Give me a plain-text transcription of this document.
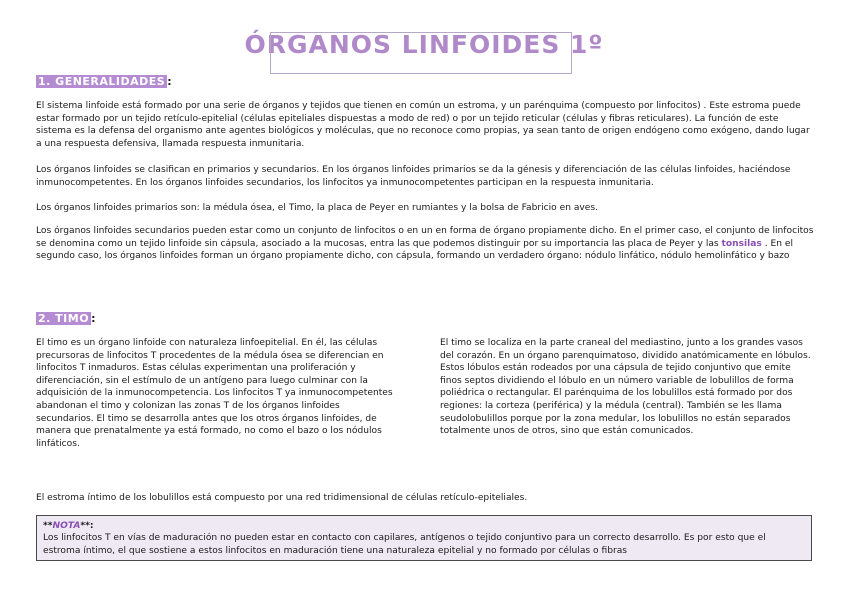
ÓRGANOS LINFOIDES 1º
1. GENERALIDADES :

El sistema linfoide está formado por una serie de órganos y tejidos que tienen en común un estroma, y un parénquima (compuesto por linfocitos) . Este estroma puede estar formado por un tejido retículo-epitelial (células epiteliales dispuestas a modo de red) o por un tejido reticular (células y fibras reticulares). La función de este sistema es la defensa del organismo ante agentes biológicos y moléculas, que no reconoce como propias, ya sean tanto de origen endógeno como exógeno, dando lugar a una respuesta defensiva, llamada respuesta inmunitaria.

Los órganos linfoides se clasifican en primarios y secundarios. En los órganos linfoides primarios se da la génesis y diferenciación de las células linfoides, haciéndose inmunocompetentes. En los órganos linfoides secundarios, los linfocitos ya inmunocompetentes participan en la respuesta inmunitaria.

Los órganos linfoides primarios son: la médula ósea, el Timo, la placa de Peyer en rumiantes y la bolsa de Fabricio en aves.

Los órganos linfoides secundarios pueden estar como un conjunto de linfocitos o en un en forma de órgano propiamente dicho. En el primer caso, el conjunto de linfocitos se denomina como un tejido linfoide sin cápsula, asociado a la mucosas, entra las que podemos distinguir por su importancia las placa de Peyer y las tonsilas . En el segundo caso, los órganos linfoides forman un órgano propiamente dicho, con cápsula, formando un verdadero órgano: nódulo linfático, nódulo hemolinfático y bazo

2. TIMO :

El timo es un órgano linfoide con naturaleza linfoepitelial. En él, las células precursoras de linfocitos T procedentes de la médula ósea se diferencian en linfocitos T inmaduros. Estas células experimentan una proliferación y diferenciación, sin el estímulo de un antígeno para luego culminar con la adquisición de la inmunocompetencia. Los linfocitos T ya inmunocompetentes abandonan el timo y colonizan las zonas T de los órganos linfoides secundarios. El timo se desarrolla antes que los otros órganos linfoides, de manera que prenatalmente ya está formado, no como el bazo o los nódulos linfáticos.

El timo se localiza en la parte craneal del mediastino, junto a los grandes vasos del corazón. En un órgano parenquimatoso, dividido anatómicamente en lóbulos. Estos lóbulos están rodeados por una cápsula de tejido conjuntivo que emite finos septos dividiendo el lóbulo en un número variable de lobulillos de forma poliédrica o rectangular. El parénquima de los lobulillos está formado por dos regiones: la corteza (periférica) y la médula (central). También se les llama seudolobulillos porque por la zona medular, los lobulillos no están separados totalmente unos de otros, sino que están comunicados.

El estroma íntimo de los lobulillos está compuesto por una red tridimensional de células retículo-epiteliales.

**NOTA**:
Los linfocitos T en vías de maduración no pueden estar en contacto con capilares, antígenos o tejido conjuntivo para un correcto desarrollo. Es por esto que el estroma íntimo, el que sostiene a estos linfocitos en maduración tiene una naturaleza epitelial y no formado por células o fibras
